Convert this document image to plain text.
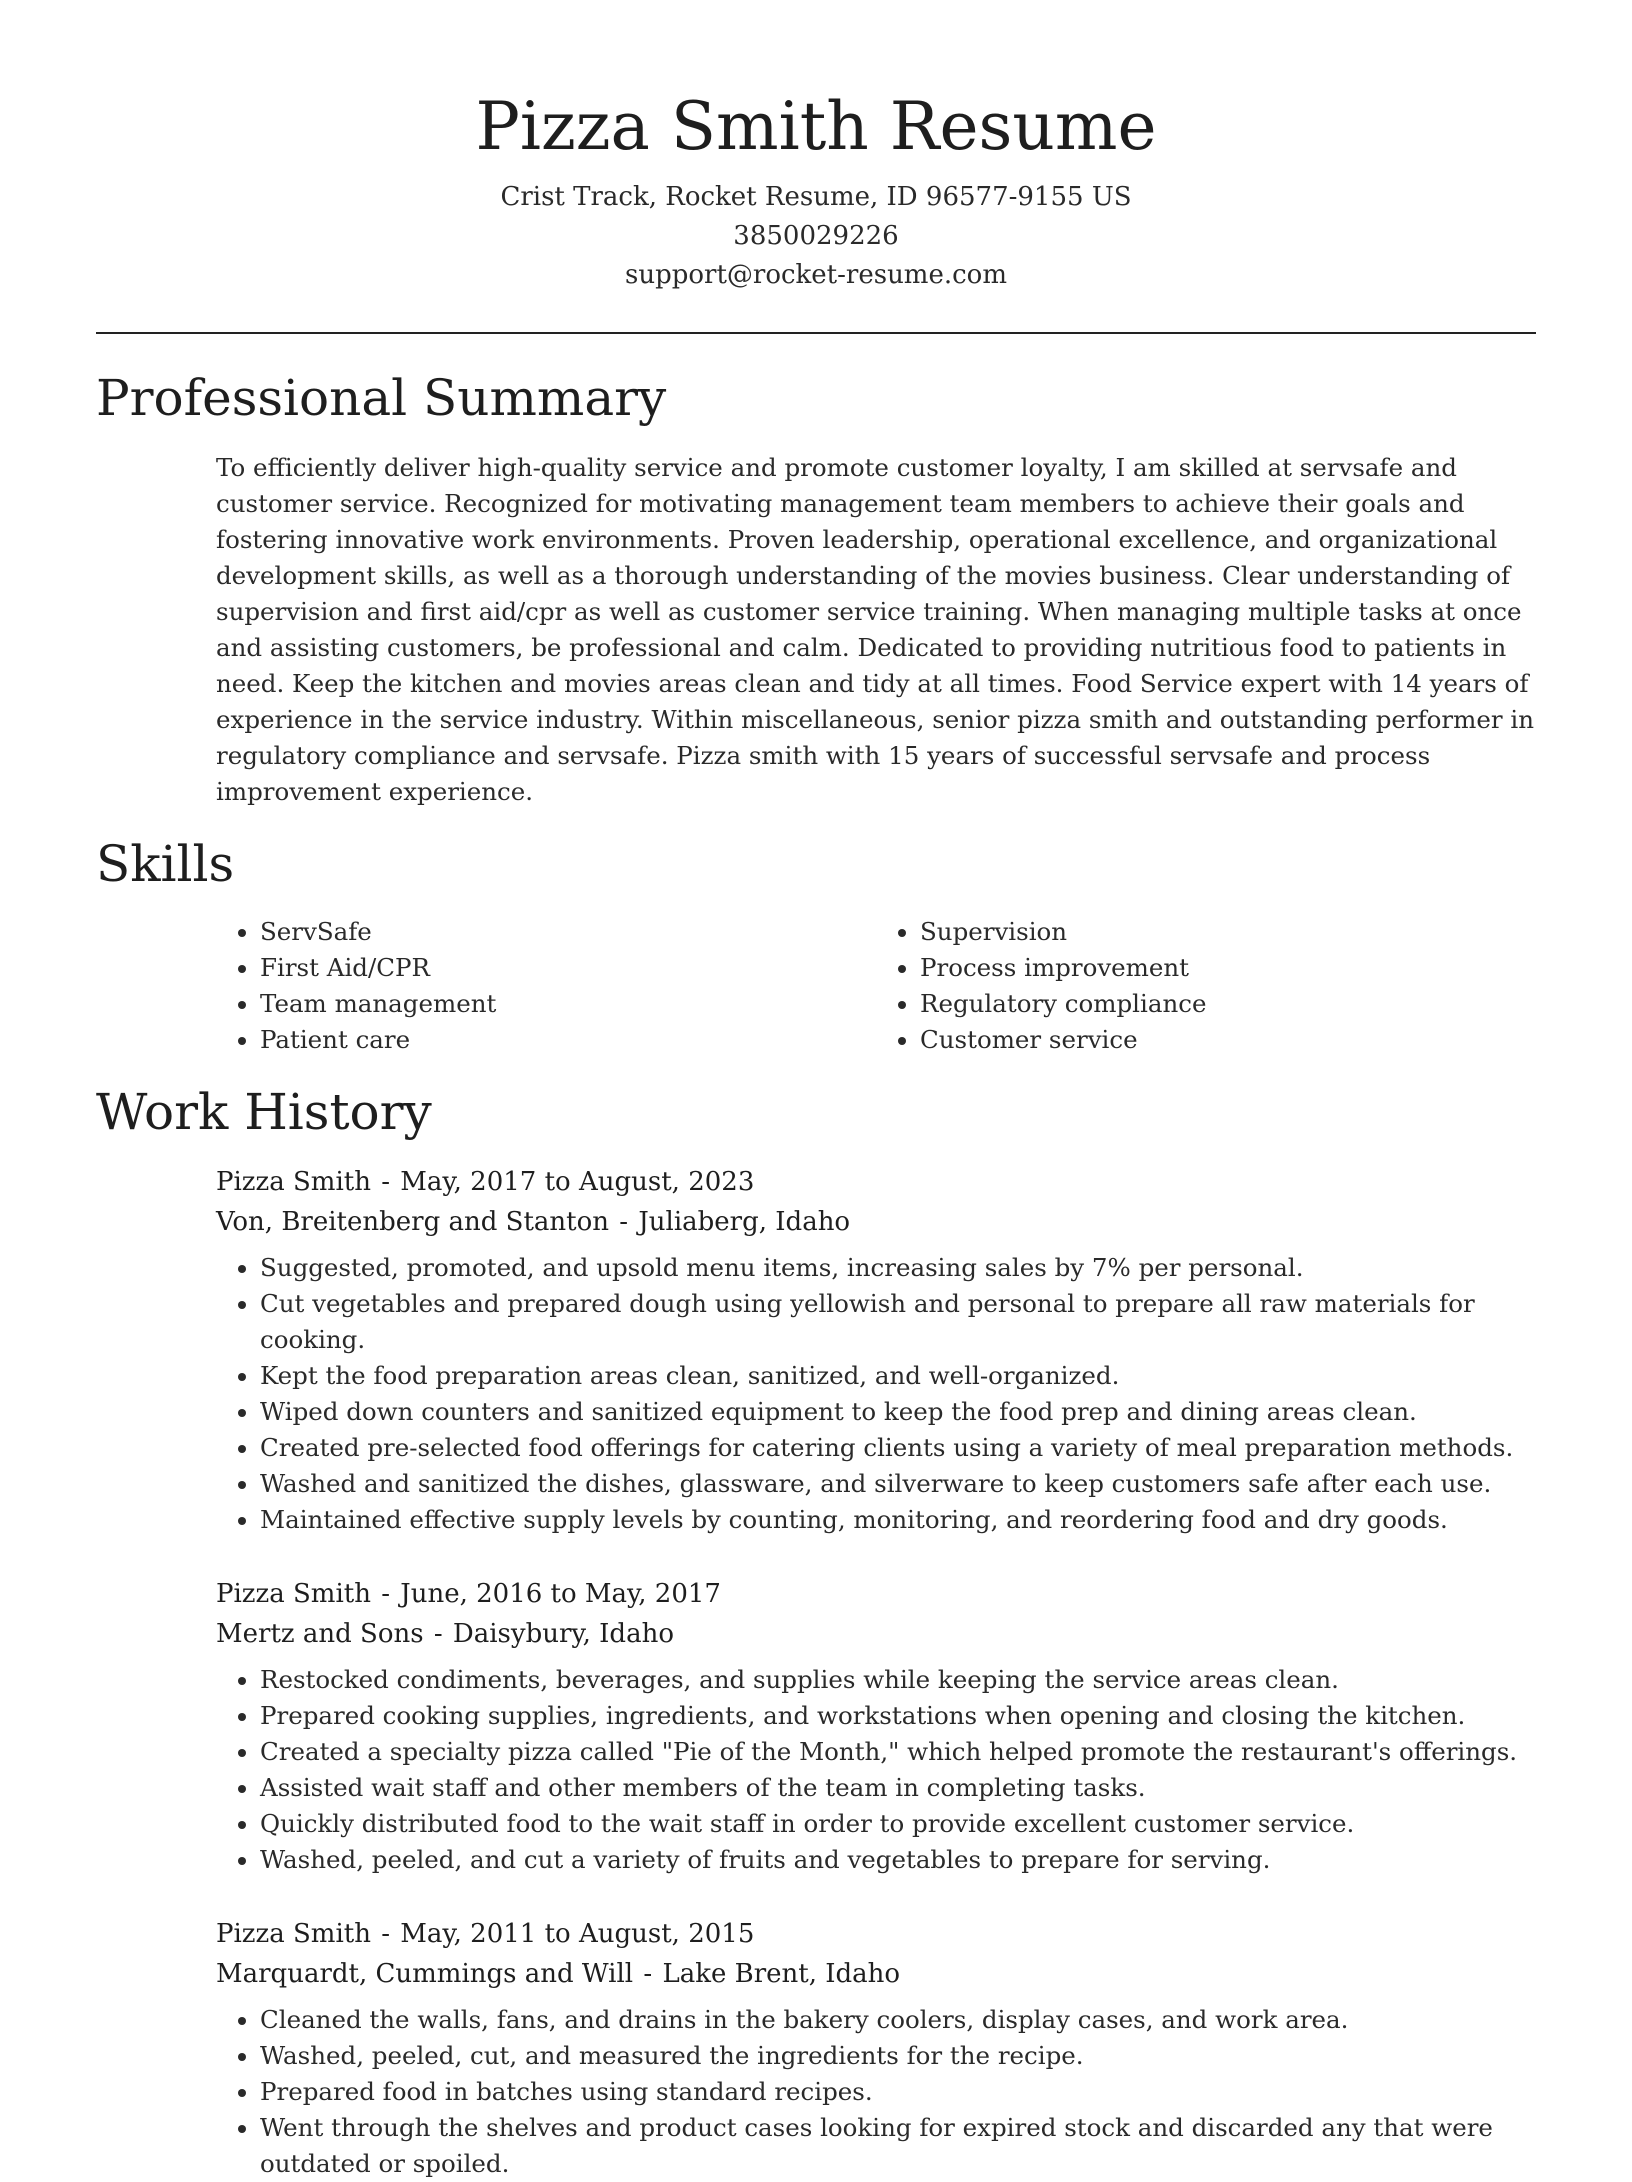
Pizza Smith Resume
Crist Track, Rocket Resume, ID 96577-9155 US
3850029226
support@rocket-resume.com
Professional Summary

To efficiently deliver high-quality service and promote customer loyalty, I am skilled at servsafe and customer service. Recognized for motivating management team members to achieve their goals and fostering innovative work environments. Proven leadership, operational excellence, and organizational development skills, as well as a thorough understanding of the movies business. Clear understanding of supervision and first aid/cpr as well as customer service training. When managing multiple tasks at once and assisting customers, be professional and calm. Dedicated to providing nutritious food to patients in need. Keep the kitchen and movies areas clean and tidy at all times. Food Service expert with 14 years of experience in the service industry. Within miscellaneous, senior pizza smith and outstanding performer in regulatory compliance and servsafe. Pizza smith with 15 years of successful servsafe and process improvement experience.

Skills
• ServSafe
• First Aid/CPR
• Team management
• Patient care
• Supervision
• Process improvement
• Regulatory compliance
• Customer service
Work History
Pizza Smith - May, 2017 to August, 2023
Von, Breitenberg and Stanton - Juliaberg, Idaho
• Suggested, promoted, and upsold menu items, increasing sales by 7% per personal.
• Cut vegetables and prepared dough using yellowish and personal to prepare all raw materials for cooking.
• Kept the food preparation areas clean, sanitized, and well-organized.
• Wiped down counters and sanitized equipment to keep the food prep and dining areas clean.
• Created pre-selected food offerings for catering clients using a variety of meal preparation methods.
• Washed and sanitized the dishes, glassware, and silverware to keep customers safe after each use.
• Maintained effective supply levels by counting, monitoring, and reordering food and dry goods.
Pizza Smith - June, 2016 to May, 2017
Mertz and Sons - Daisybury, Idaho
• Restocked condiments, beverages, and supplies while keeping the service areas clean.
• Prepared cooking supplies, ingredients, and workstations when opening and closing the kitchen.
• Created a specialty pizza called "Pie of the Month," which helped promote the restaurant's offerings.
• Assisted wait staff and other members of the team in completing tasks.
• Quickly distributed food to the wait staff in order to provide excellent customer service.
• Washed, peeled, and cut a variety of fruits and vegetables to prepare for serving.
Pizza Smith - May, 2011 to August, 2015
Marquardt, Cummings and Will - Lake Brent, Idaho
• Cleaned the walls, fans, and drains in the bakery coolers, display cases, and work area.
• Washed, peeled, cut, and measured the ingredients for the recipe.
• Prepared food in batches using standard recipes.
• Went through the shelves and product cases looking for expired stock and discarded any that were outdated or spoiled.
